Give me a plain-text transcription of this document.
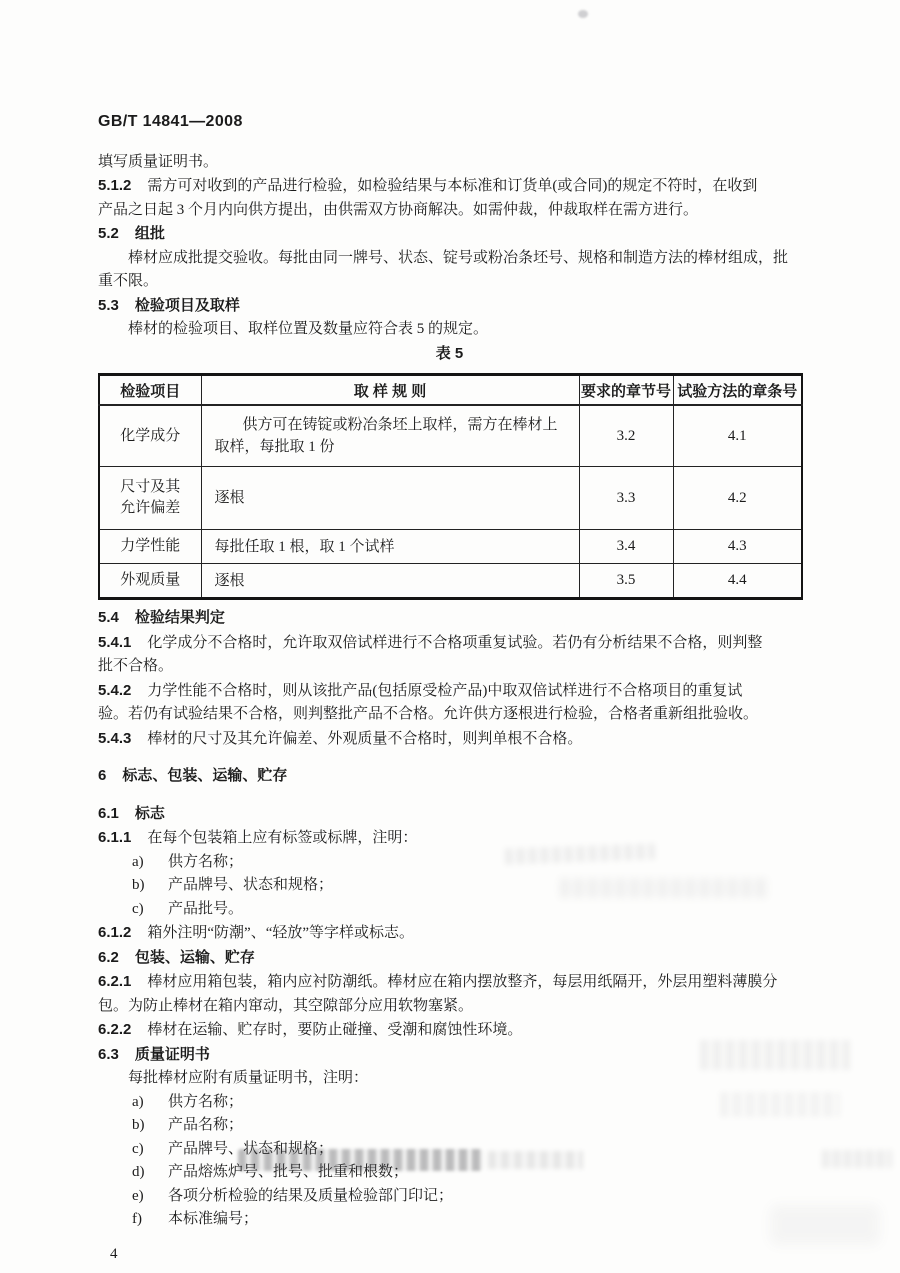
GB/T 14841—2008
填写质量证明书。
5.1.2 需方可对收到的产品进行检验，如检验结果与本标准和订货单(或合同)的规定不符时，在收到
产品之日起 3 个月内向供方提出，由供需双方协商解决。如需仲裁，仲裁取样在需方进行。
5.2 组批
棒材应成批提交验收。每批由同一牌号、状态、锭号或粉冶条坯号、规格和制造方法的棒材组成，批
重不限。
5.3 检验项目及取样
棒材的检验项目、取样位置及数量应符合表 5 的规定。
表 5
检验项目	取 样 规 则	要求的章节号	试验方法的章条号
化学成分	供方可在铸锭或粉冶条坯上取样，需方在棒材上取样，每批取 1 份	3.2	4.1

尺寸及其
允许偏差	逐根	3.3	4.2
力学性能	每批任取 1 根，取 1 个试样	3.4	4.3
外观质量	逐根	3.5	4.4
5.4 检验结果判定
5.4.1 化学成分不合格时，允许取双倍试样进行不合格项重复试验。若仍有分析结果不合格，则判整
批不合格。
5.4.2 力学性能不合格时，则从该批产品(包括原受检产品)中取双倍试样进行不合格项目的重复试
验。若仍有试验结果不合格，则判整批产品不合格。允许供方逐根进行检验，合格者重新组批验收。
5.4.3 棒材的尺寸及其允许偏差、外观质量不合格时，则判单根不合格。
6 标志、包装、运输、贮存
6.1 标志
6.1.1 在每个包装箱上应有标签或标牌，注明：
a) 供方名称；
b) 产品牌号、状态和规格；
c) 产品批号。
6.1.2 箱外注明“防潮”、“轻放”等字样或标志。
6.2 包装、运输、贮存
6.2.1 棒材应用箱包装，箱内应衬防潮纸。棒材应在箱内摆放整齐，每层用纸隔开，外层用塑料薄膜分
包。为防止棒材在箱内窜动，其空隙部分应用软物塞紧。
6.2.2 棒材在运输、贮存时，要防止碰撞、受潮和腐蚀性环境。
6.3 质量证明书
每批棒材应附有质量证明书，注明：
a) 供方名称；
b) 产品名称；
c) 产品牌号、状态和规格；
d) 产品熔炼炉号、批号、批重和根数；
e) 各项分析检验的结果及质量检验部门印记；
f) 本标准编号；
4
